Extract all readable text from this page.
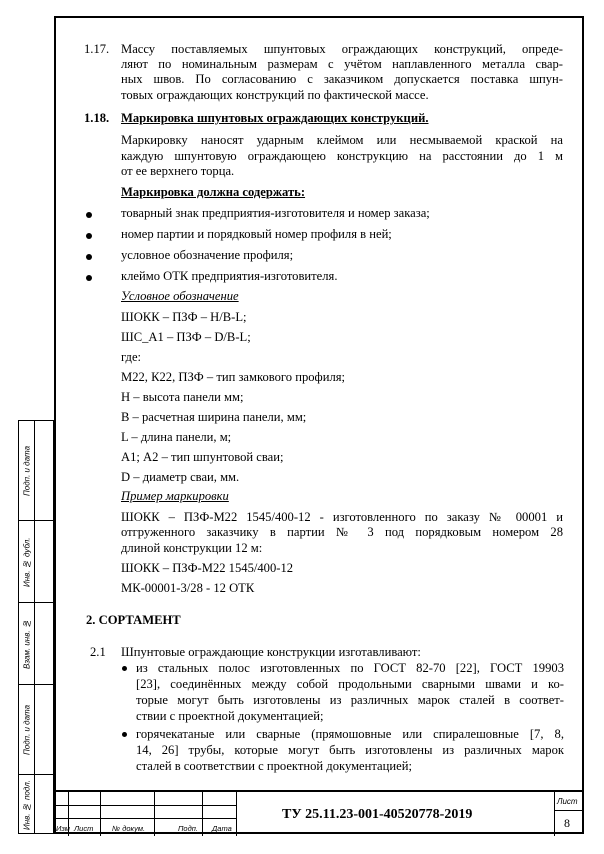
Подп. и дата
Инв. № дубл.
Взам. инв. №
Подп. и дата
Инв. № подл.
1.17. Массу поставляемых шпунтовых ограждающих конструкций, опреде-
ляют по номинальным размерам с учётом наплавленного металла свар-
ных швов. По согласованию с заказчиком допускается поставка шпун-
товых ограждающих конструкций по фактической массе.
1.18. Маркировка шпунтовых ограждающих конструкций.
Маркировку наносят ударным клеймом или несмываемой краской на
каждую шпунтовую ограждающею конструкцию на расстоянии до 1 м
от ее верхнего торца.
Маркировка должна содержать:
товарный знак предприятия-изготовителя и номер заказа;
номер партии и порядковый номер профиля в ней;
условное обозначение профиля;
клеймо ОТК предприятия-изготовителя.
Условное обозначение
ШОКК – ПЗФ – Н/В-L;
ШС_А1 – ПЗФ – D/В-L;
где:
М22, К22, ПЗФ – тип замкового профиля;
Н – высота панели мм;
В – расчетная ширина панели, мм;
L – длина панели, м;
А1; А2 – тип шпунтовой сваи;
D – диаметр сваи, мм.
Пример маркировки
ШОКК – ПЗФ-М22 1545/400-12 - изготовленного по заказу № 00001 и
отгруженного заказчику в партии № 3 под порядковым номером 28
длиной конструкции 12 м:
ШОКК – ПЗФ-М22 1545/400-12
МК-00001-3/28 - 12 ОТК
2. СОРТАМЕНТ
2.1 Шпунтовые ограждающие конструкции изготавливают:
из стальных полос изготовленных по ГОСТ 82-70 [22], ГОСТ 19903
[23], соединённых между собой продольными сварными швами и ко-
торые могут быть изготовлены из различных марок сталей в соответ-
ствии с проектной документацией;
горячекатаные или сварные (прямошовные или спиралешовные [7, 8,
14, 26] трубы, которые могут быть изготовлены из различных марок
сталей в соответствии с проектной документацией;
Изм Лист № докум.	Подп. Дата
ТУ 25.11.23-001-40520778-2019
Лист
8
